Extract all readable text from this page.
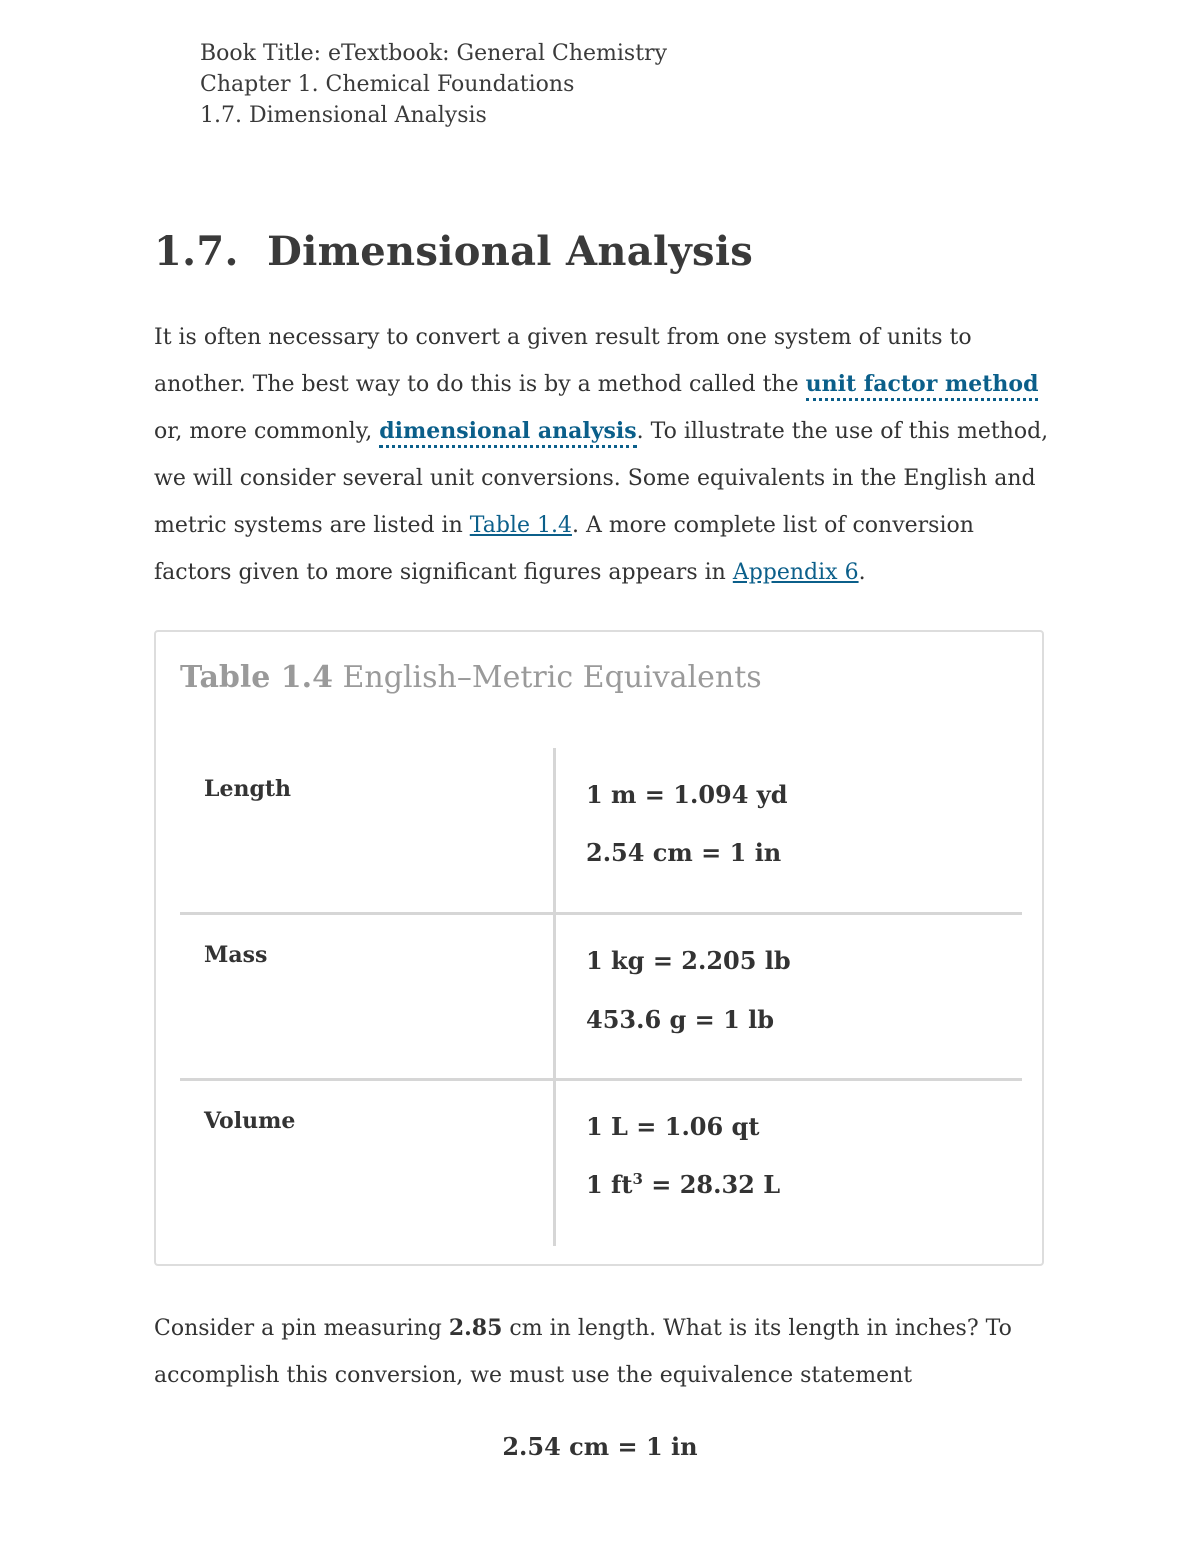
Book Title: eTextbook: General Chemistry
Chapter 1. Chemical Foundations
1.7. Dimensional Analysis
1.7.  Dimensional Analysis

It is often necessary to convert a given result from one system of units to another. The best way to do this is by a method called the unit factor method or, more commonly, dimensional analysis. To illustrate the use of this method, we will consider several unit conversions. Some equivalents in the English and metric systems are listed in Table 1.4. A more complete list of conversion factors given to more significant figures appears in Appendix 6.

Table 1.4 English–Metric Equivalents
Length	1 m = 1.094 yd
2.54 cm = 1 in
Mass	1 kg = 2.205 lb
453.6 g = 1 lb
Volume	1 L = 1.06 qt
1 $ft^3 = 28.32$ L

Consider a pin measuring 2.85 cm in length. What is its length in inches? To accomplish this conversion, we must use the equivalence statement

2.54 cm = 1 in
